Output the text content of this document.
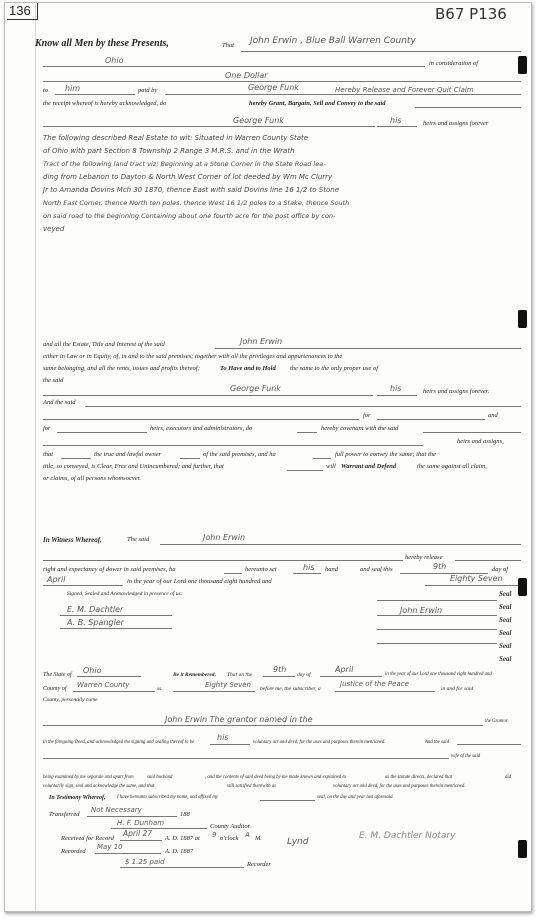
136	B67 P136
Know all Men by these Presents,	That John Erwin , Blue Ball Warren County
Ohio	in consideration of
One Dollar
to him	paid by	George Funk	Hereby Release and Forever Quit Claim
the receipt whereof is hereby acknowledged, do	hereby Grant, Bargain, Sell and Convey to the said
George Funk	his	heirs and assigns forever
The following described Real Estate to wit: Situated in Warren County State
of Ohio with part Section 8 Township 2 Range 3 M.R.S. and in the Wrath
Tract of the following land tract viz: Beginning at a Stone Corner in the State Road lea-
ding from Lebanon to Dayton & North West Corner of lot deeded by Wm Mc Clurry
Jr to Amanda Dovins Mch 30 1870, thence East with said Dovins line 16 1/2 to Stone
North East Corner, thence North ten poles, thence West 16 1/2 poles to a Stake, thence South
on said road to the beginning Containing about one fourth acre for the post office by con-
veyed
and all the Estate, Title and Interest of the said	John Erwin
either in Law or in Equity, of, in and to the said premises; together with all the privileges and appurtenances to the
same belonging, and all the rents, issues and profits thereof;	To Have and to Hold the same to the only proper use of
the said
George Funk	his	heirs and assigns forever.
And the said
for	and
for	heirs, executors and administrators, do	hereby covenant with the said
heirs and assigns,
that	the true and lawful owner	of the said premises, and ha	full power to convey the same; that the
title, so conveyed, is Clear, Free and Unincumbered; and further, that	will Warrant and Defend	the same against all claim,
or claims, of all persons whomsoever.
In Witness Whereof,	The said	John Erwin
hereby release
right and expectancy of dower in said premises, ha	hereunto set	his hand	and seal
, this	9th	day of
April	in the year of our Lord one thousand eight hundred and	Eighty Seven
Signed, Sealed and Acknowledged in presence of us:
E. M. Dachtler
A. B. Spangler
John Erwin
Seal
Seal
Seal
Seal
Seal
Seal
The State of Ohio	Be it Remembered, That on the
9th
day of
April
in the year of our Lord one thousand eight hundred and
County of Warren County	ss.	Eighty Seven before me, the subscriber, a
Justice of the Peace
in and for said
County, personally came
John Erwin The grantor named in the	the Grantor
in the foregoing Deed, and acknowledged the signing and sealing thereof to be
his
voluntary act and deed, for the uses and purposes therein mentioned.	And the said
wife of the said
being examined by me separate and apart from	said husband	, and the contents of said deed being by me made known and explained to	as the statute directs, declared that	did
voluntarily sign, seal and acknowledge the same, and that	still satisfied therewith as	voluntary act and deed, for the uses and purposes therein mentioned.
In Testimony Whereof, I have hereunto subscribed my name, and affixed my	seal, on the day and year last aforesaid.
Transferred
Not Necessary
188
H. F. Dunham	County Auditor.
Received for Record
April 27
A. D. 1887 at 9 o'clock A M.
Recorded
May 10
A. D. 1887
$ 1.25 paid	Recorder
Lynd
E. M. Dachtler Notary
